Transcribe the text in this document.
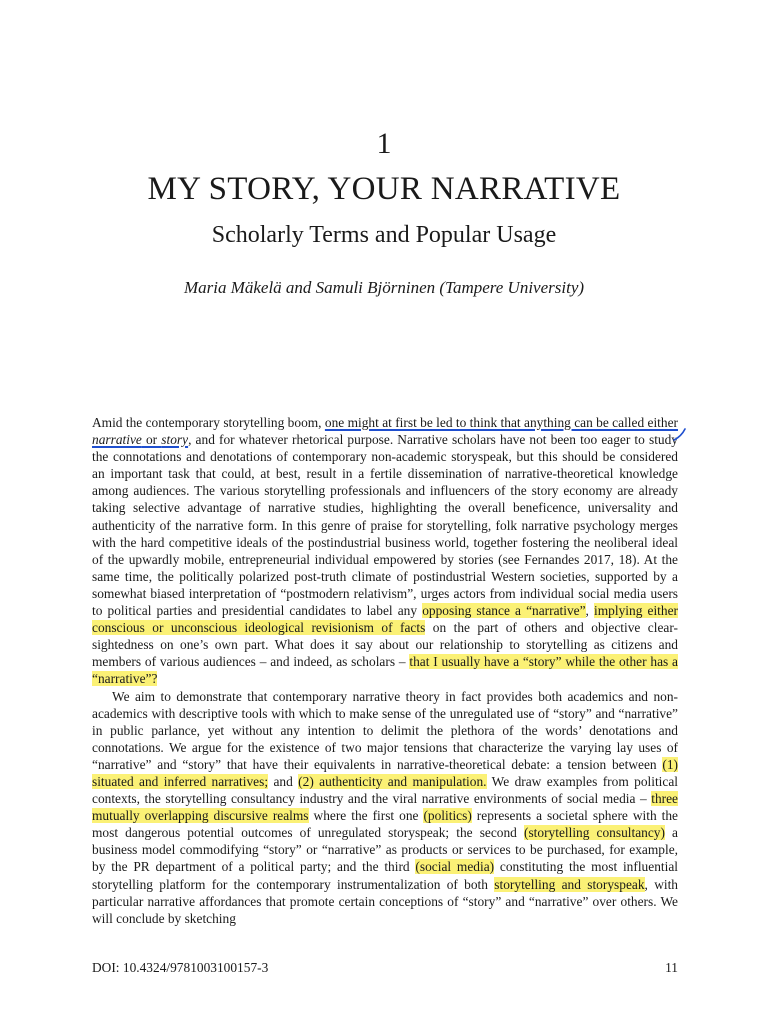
1
MY STORY, YOUR NARRATIVE
Scholarly Terms and Popular Usage
Maria Mäkelä and Samuli Björninen (Tampere University)

Amid the contemporary storytelling boom, one might at first be led to think that anything can be called either narrative or story, and for whatever rhetorical purpose. Narrative scholars have not been too eager to study the connotations and denotations of contemporary non-academic storyspeak, but this should be considered an important task that could, at best, result in a fertile dissemination of narrative-theoretical knowledge among audiences. The various storytelling professionals and influencers of the story economy are already taking selective advantage of narrative studies, highlighting the overall beneficence, universality and authenticity of the narrative form. In this genre of praise for storytelling, folk narrative psychology merges with the hard competitive ideals of the postindustrial business world, together fostering the neoliberal ideal of the upwardly mobile, entrepreneurial individual empowered by stories (see Fernandes 2017, 18). At the same time, the politically polarized post-truth climate of postindustrial Western societies, supported by a somewhat biased interpretation of “postmodern relativism”, urges actors from individual social media users to political parties and presidential candidates to label any opposing stance a “narrative”, implying either conscious or unconscious ideological revisionism of facts on the part of others and objective clear-sightedness on one’s own part. What does it say about our relationship to storytelling as citizens and members of various audiences – and indeed, as scholars – that I usually have a “story” while the other has a “narrative”?

We aim to demonstrate that contemporary narrative theory in fact provides both academics and non-academics with descriptive tools with which to make sense of the unregulated use of “story” and “narrative” in public parlance, yet without any intention to delimit the plethora of the words’ denotations and connotations. We argue for the existence of two major tensions that characterize the varying lay uses of “narrative” and “story” that have their equivalents in narrative-theoretical debate: a tension between (1) situated and inferred narratives; and (2) authenticity and manipulation. We draw examples from political contexts, the storytelling consultancy industry and the viral narrative environments of social media – three mutually overlapping discursive realms where the first one (politics) represents a societal sphere with the most dangerous potential outcomes of unregulated storyspeak; the second (storytelling consultancy) a business model commodifying “story” or “narrative” as products or services to be purchased, for example, by the PR department of a political party; and the third (social media) constituting the most influential storytelling platform for the contemporary instrumentalization of both storytelling and storyspeak, with particular narrative affordances that promote certain conceptions of “story” and “narrative” over others. We will conclude by sketching

DOI: 10.4324/9781003100157-3	11
